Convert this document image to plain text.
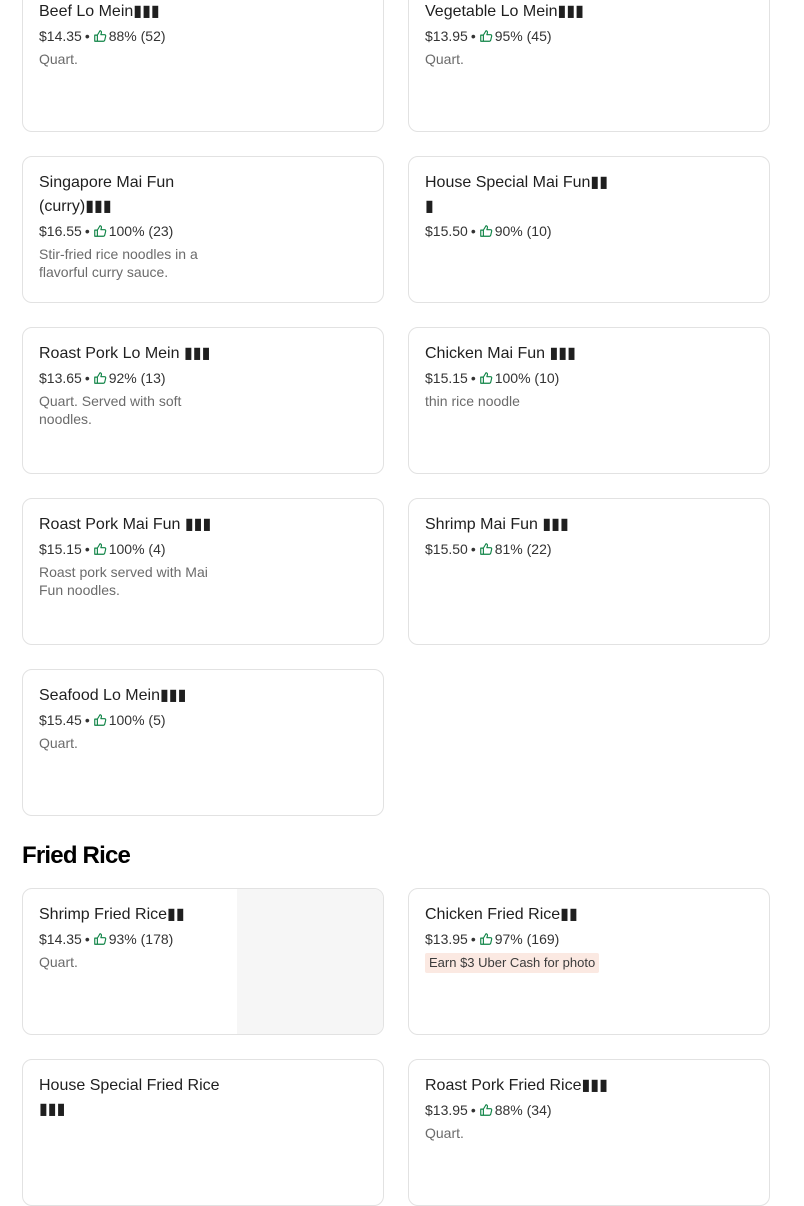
Beef Lo Mein▮▮▮

$14.35 • 88% (52)
Quart.

Vegetable Lo Mein▮▮▮

$13.95 • 95% (45)
Quart.

Singapore Mai Fun (curry)▮▮▮

$16.55 • 100% (23)
Stir-fried rice noodles in a flavorful curry sauce.

House Special Mai Fun▮▮ ▮

$15.50 • 90% (10)

Roast Pork Lo Mein ▮▮▮

$13.65 • 92% (13)
Quart. Served with soft noodles.

Chicken Mai Fun ▮▮▮

$15.15 • 100% (10)
thin rice noodle

Roast Pork Mai Fun ▮▮▮

$15.15 • 100% (4)
Roast pork served with Mai Fun noodles.

Shrimp Mai Fun ▮▮▮

$15.50 • 81% (22)

Seafood Lo Mein▮▮▮

$15.45 • 100% (5)
Quart.
Fried Rice

Shrimp Fried Rice▮▮

$14.35 • 93% (178)
Quart.

Chicken Fried Rice▮▮

$13.95 • 97% (169)
Earn $3 Uber Cash for photo

House Special Fried Rice ▮▮▮

Roast Pork Fried Rice▮▮▮

$13.95 • 88% (34)
Quart.
